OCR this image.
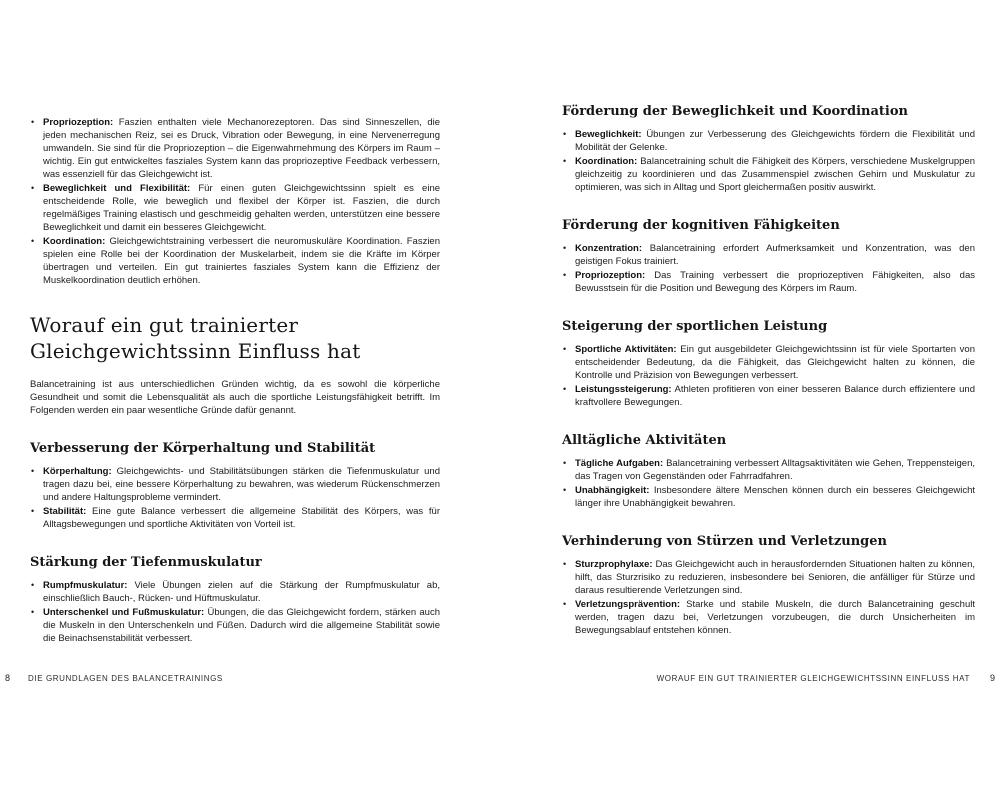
• Propriozeption: Faszien enthalten viele Mechanorezeptoren. Das sind Sinneszellen, die jeden mechanischen Reiz, sei es Druck, Vibration oder Bewegung, in eine Nervenerregung umwandeln. Sie sind für die Propriozeption – die Eigenwahrnehmung des Körpers im Raum – wichtig. Ein gut entwickeltes fasziales System kann das propriozeptive Feedback verbessern, was essenziell für das Gleichgewicht ist.
• Beweglichkeit und Flexibilität: Für einen guten Gleichgewichtssinn spielt es eine entscheidende Rolle, wie beweglich und flexibel der Körper ist. Faszien, die durch regelmäßiges Training elastisch und geschmeidig gehalten werden, unterstützen eine bessere Beweglichkeit und damit ein besseres Gleichgewicht.
• Koordination: Gleichgewichtstraining verbessert die neuromuskuläre Koordination. Faszien spielen eine Rolle bei der Koordination der Muskelarbeit, indem sie die Kräfte im Körper übertragen und verteilen. Ein gut trainiertes fasziales System kann die Effizienz der Muskelkoordination deutlich erhöhen.
Worauf ein gut trainierter Gleichgewichtssinn Einfluss hat

Balancetraining ist aus unterschiedlichen Gründen wichtig, da es sowohl die körperliche Gesundheit und somit die Lebensqualität als auch die sportliche Leistungsfähigkeit betrifft. Im Folgenden werden ein paar wesentliche Gründe dafür genannt.

Verbesserung der Körperhaltung und Stabilität
• Körperhaltung: Gleichgewichts- und Stabilitätsübungen stärken die Tiefenmuskulatur und tragen dazu bei, eine bessere Körperhaltung zu bewahren, was wiederum Rückenschmerzen und andere Haltungsprobleme vermindert.
• Stabilität: Eine gute Balance verbessert die allgemeine Stabilität des Körpers, was für Alltagsbewegungen und sportliche Aktivitäten von Vorteil ist.
Stärkung der Tiefenmuskulatur
• Rumpfmuskulatur: Viele Übungen zielen auf die Stärkung der Rumpfmuskulatur ab, einschließlich Bauch-, Rücken- und Hüftmuskulatur.
• Unterschenkel und Fußmuskulatur: Übungen, die das Gleichgewicht fordern, stärken auch die Muskeln in den Unterschenkeln und Füßen. Dadurch wird die allgemeine Stabilität sowie die Beinachsenstabilität verbessert.
Förderung der Beweglichkeit und Koordination
• Beweglichkeit: Übungen zur Verbesserung des Gleichgewichts fördern die Flexibilität und Mobilität der Gelenke.
• Koordination: Balancetraining schult die Fähigkeit des Körpers, verschiedene Muskelgruppen gleichzeitig zu koordinieren und das Zusammenspiel zwischen Gehirn und Muskulatur zu optimieren, was sich in Alltag und Sport gleichermaßen positiv auswirkt.
Förderung der kognitiven Fähigkeiten
• Konzentration: Balancetraining erfordert Aufmerksamkeit und Konzentration, was den geistigen Fokus trainiert.
• Propriozeption: Das Training verbessert die propriozeptiven Fähigkeiten, also das Bewusstsein für die Position und Bewegung des Körpers im Raum.
Steigerung der sportlichen Leistung
• Sportliche Aktivitäten: Ein gut ausgebildeter Gleichgewichtssinn ist für viele Sportarten von entscheidender Bedeutung, da die Fähigkeit, das Gleichgewicht halten zu können, die Kontrolle und Präzision von Bewegungen verbessert.
• Leistungssteigerung: Athleten profitieren von einer besseren Balance durch effizientere und kraftvollere Bewegungen.
Alltägliche Aktivitäten
• Tägliche Aufgaben: Balancetraining verbessert Alltagsaktivitäten wie Gehen, Treppensteigen, das Tragen von Gegenständen oder Fahrradfahren.
• Unabhängigkeit: Insbesondere ältere Menschen können durch ein besseres Gleichgewicht länger ihre Unabhängigkeit bewahren.
Verhinderung von Stürzen und Verletzungen
• Sturzprophylaxe: Das Gleichgewicht auch in herausfordernden Situationen halten zu können, hilft, das Sturzrisiko zu reduzieren, insbesondere bei Senioren, die anfälliger für Stürze und daraus resultierende Verletzungen sind.
• Verletzungsprävention: Starke und stabile Muskeln, die durch Balancetraining geschult werden, tragen dazu bei, Verletzungen vorzubeugen, die durch Unsicherheiten im Bewegungsablauf entstehen können.
8 DIE GRUNDLAGEN DES BALANCETRAININGS	WORAUF EIN GUT TRAINIERTER GLEICHGEWICHTSSINN EINFLUSS HAT 9
